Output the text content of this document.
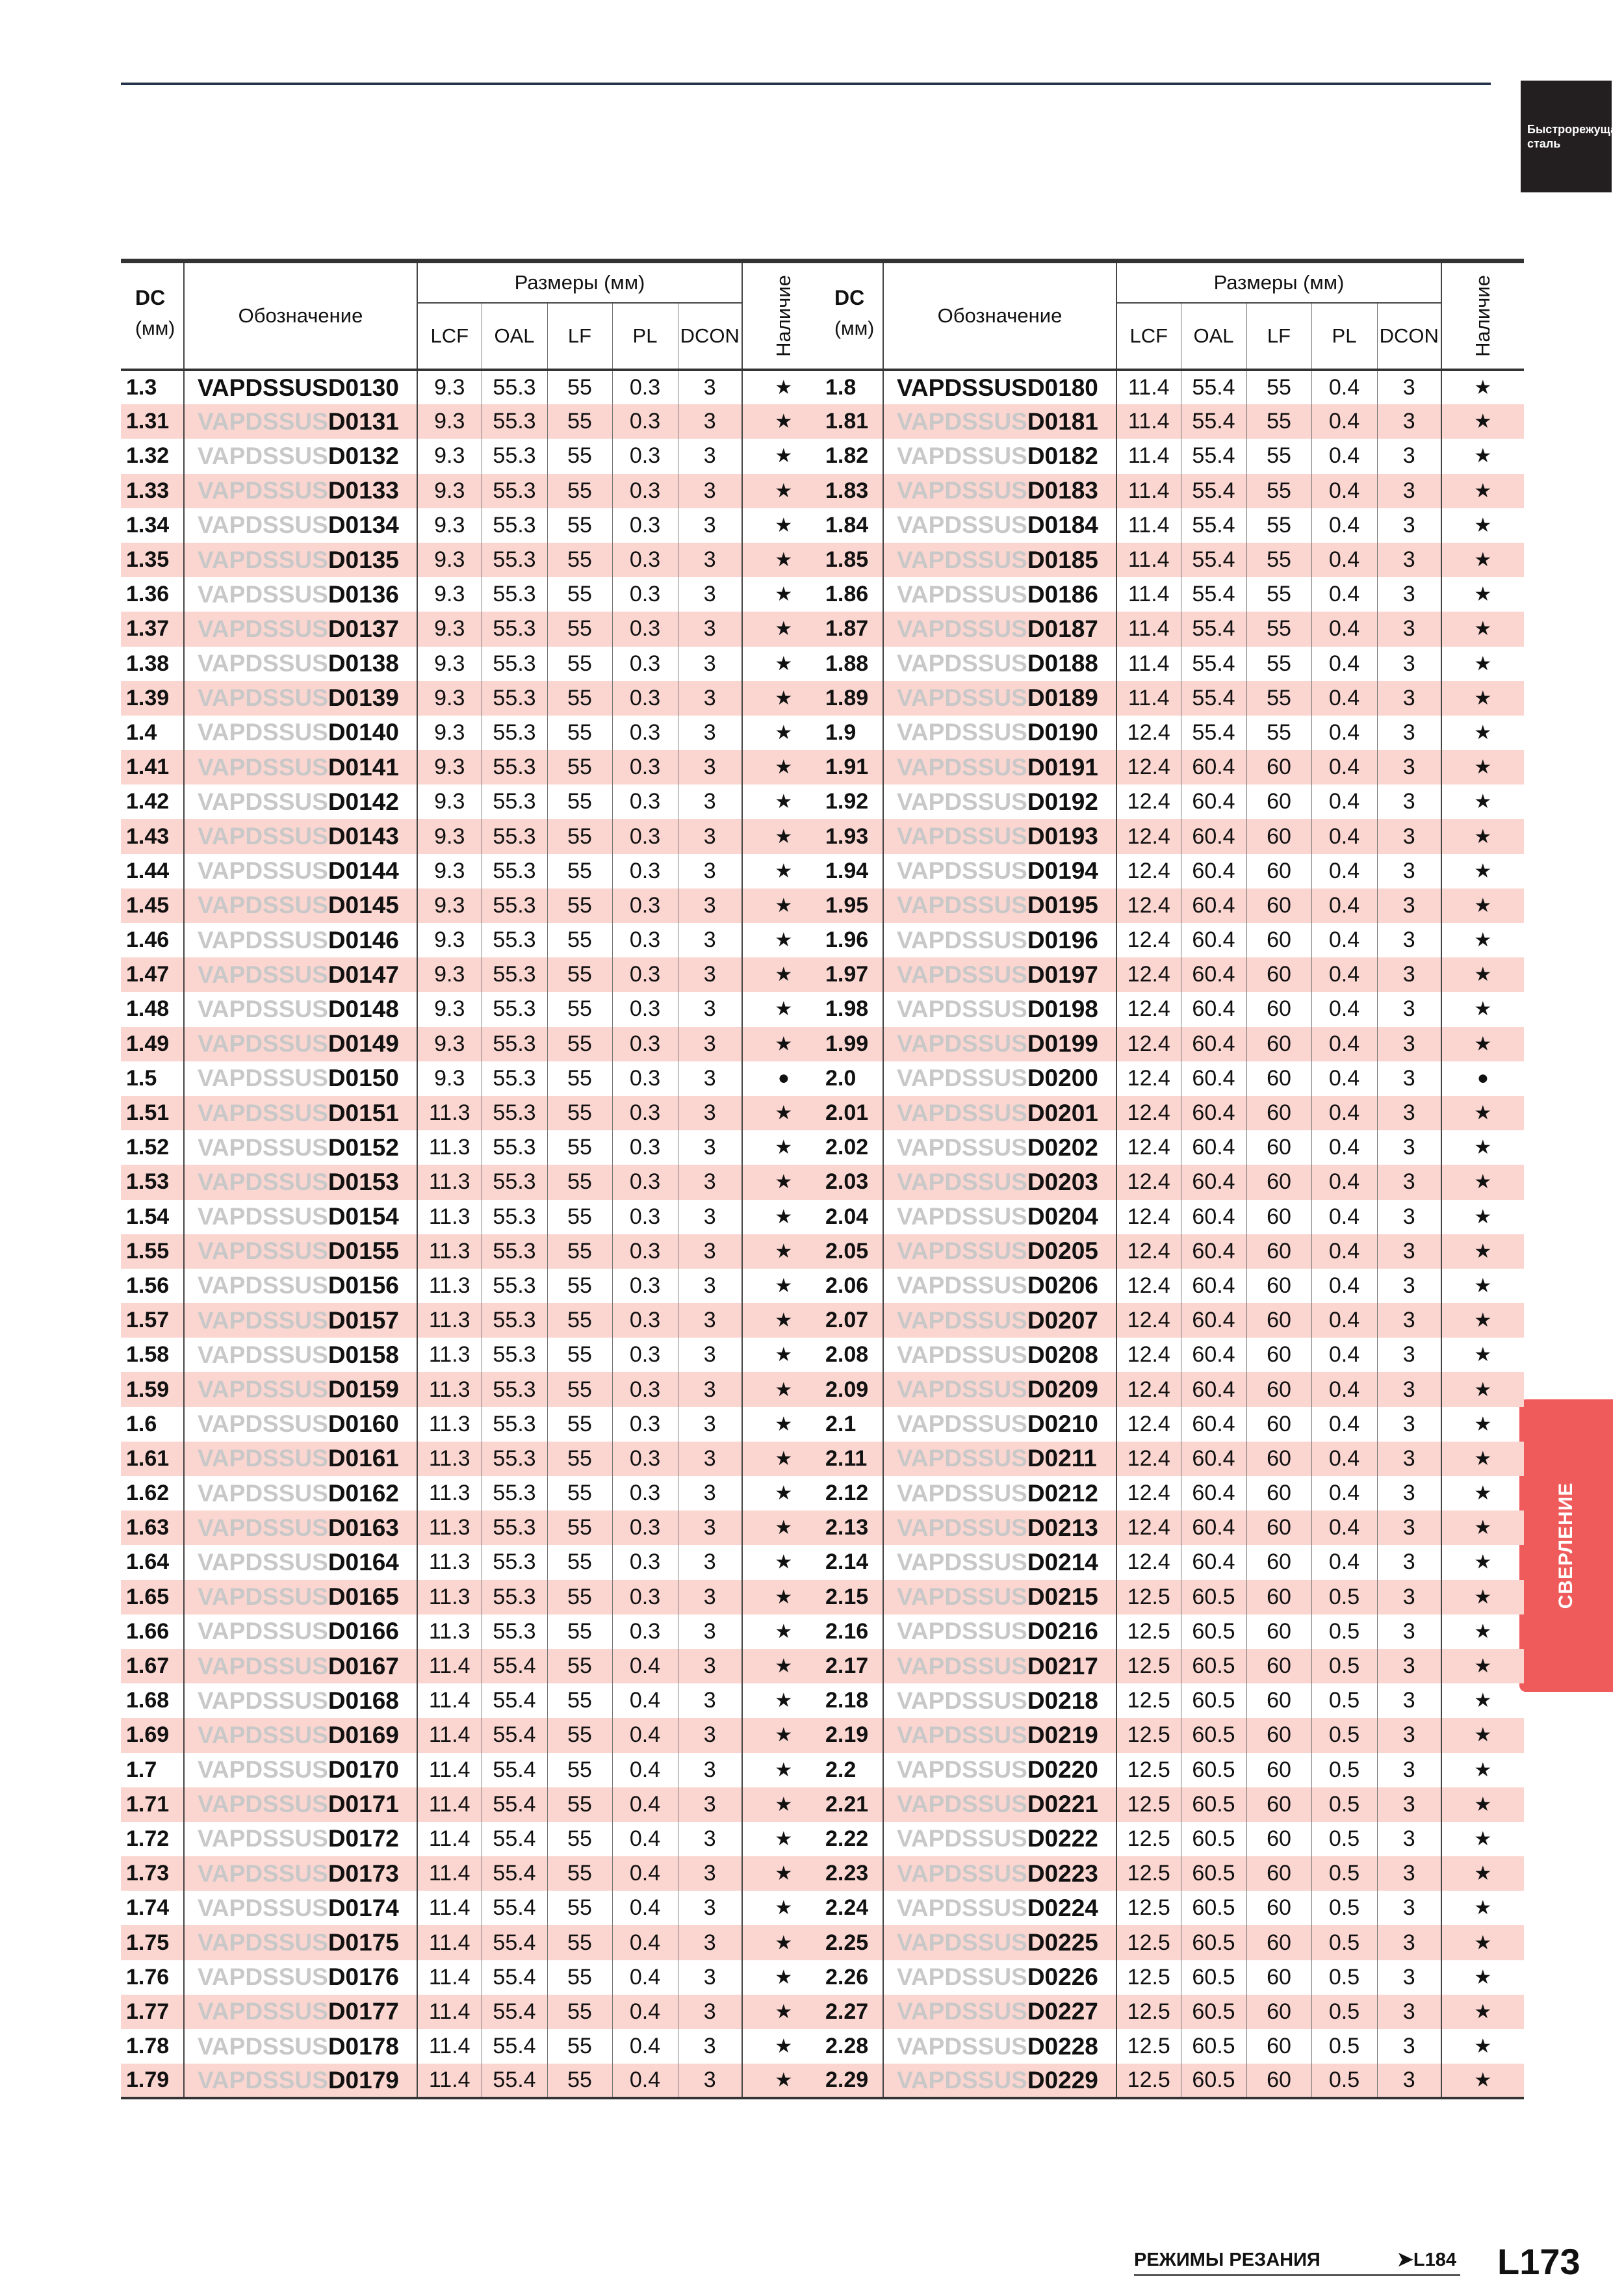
Быстрорежущая сталь
СВЕРЛЕНИЕ
DC
(мм)	Обозначение	Размеры (мм)					Наличие

		LCF	OAL	LF	PL	DCON	
1.3	VAPDSSUSD0130	9.3	55.3	55	0.3	3	★
1.31	VAPDSSUSD0131	9.3	55.3	55	0.3	3	★
1.32	VAPDSSUSD0132	9.3	55.3	55	0.3	3	★
1.33	VAPDSSUSD0133	9.3	55.3	55	0.3	3	★
1.34	VAPDSSUSD0134	9.3	55.3	55	0.3	3	★
1.35	VAPDSSUSD0135	9.3	55.3	55	0.3	3	★
1.36	VAPDSSUSD0136	9.3	55.3	55	0.3	3	★
1.37	VAPDSSUSD0137	9.3	55.3	55	0.3	3	★
1.38	VAPDSSUSD0138	9.3	55.3	55	0.3	3	★
1.39	VAPDSSUSD0139	9.3	55.3	55	0.3	3	★
1.4	VAPDSSUSD0140	9.3	55.3	55	0.3	3	★
1.41	VAPDSSUSD0141	9.3	55.3	55	0.3	3	★
1.42	VAPDSSUSD0142	9.3	55.3	55	0.3	3	★
1.43	VAPDSSUSD0143	9.3	55.3	55	0.3	3	★
1.44	VAPDSSUSD0144	9.3	55.3	55	0.3	3	★
1.45	VAPDSSUSD0145	9.3	55.3	55	0.3	3	★
1.46	VAPDSSUSD0146	9.3	55.3	55	0.3	3	★
1.47	VAPDSSUSD0147	9.3	55.3	55	0.3	3	★
1.48	VAPDSSUSD0148	9.3	55.3	55	0.3	3	★
1.49	VAPDSSUSD0149	9.3	55.3	55	0.3	3	★
1.5	VAPDSSUSD0150	9.3	55.3	55	0.3	3	●
1.51	VAPDSSUSD0151	11.3	55.3	55	0.3	3	★
1.52	VAPDSSUSD0152	11.3	55.3	55	0.3	3	★
1.53	VAPDSSUSD0153	11.3	55.3	55	0.3	3	★
1.54	VAPDSSUSD0154	11.3	55.3	55	0.3	3	★
1.55	VAPDSSUSD0155	11.3	55.3	55	0.3	3	★
1.56	VAPDSSUSD0156	11.3	55.3	55	0.3	3	★
1.57	VAPDSSUSD0157	11.3	55.3	55	0.3	3	★
1.58	VAPDSSUSD0158	11.3	55.3	55	0.3	3	★
1.59	VAPDSSUSD0159	11.3	55.3	55	0.3	3	★
1.6	VAPDSSUSD0160	11.3	55.3	55	0.3	3	★
1.61	VAPDSSUSD0161	11.3	55.3	55	0.3	3	★
1.62	VAPDSSUSD0162	11.3	55.3	55	0.3	3	★
1.63	VAPDSSUSD0163	11.3	55.3	55	0.3	3	★
1.64	VAPDSSUSD0164	11.3	55.3	55	0.3	3	★
1.65	VAPDSSUSD0165	11.3	55.3	55	0.3	3	★
1.66	VAPDSSUSD0166	11.3	55.3	55	0.3	3	★
1.67	VAPDSSUSD0167	11.4	55.4	55	0.4	3	★
1.68	VAPDSSUSD0168	11.4	55.4	55	0.4	3	★
1.69	VAPDSSUSD0169	11.4	55.4	55	0.4	3	★
1.7	VAPDSSUSD0170	11.4	55.4	55	0.4	3	★
1.71	VAPDSSUSD0171	11.4	55.4	55	0.4	3	★
1.72	VAPDSSUSD0172	11.4	55.4	55	0.4	3	★
1.73	VAPDSSUSD0173	11.4	55.4	55	0.4	3	★
1.74	VAPDSSUSD0174	11.4	55.4	55	0.4	3	★
1.75	VAPDSSUSD0175	11.4	55.4	55	0.4	3	★
1.76	VAPDSSUSD0176	11.4	55.4	55	0.4	3	★
1.77	VAPDSSUSD0177	11.4	55.4	55	0.4	3	★
1.78	VAPDSSUSD0178	11.4	55.4	55	0.4	3	★
1.79	VAPDSSUSD0179	11.4	55.4	55	0.4	3	★
DC
(мм)	Обозначение	Размеры (мм)					Наличие

		LCF	OAL	LF	PL	DCON	
1.8	VAPDSSUSD0180	11.4	55.4	55	0.4	3	★
1.81	VAPDSSUSD0181	11.4	55.4	55	0.4	3	★
1.82	VAPDSSUSD0182	11.4	55.4	55	0.4	3	★
1.83	VAPDSSUSD0183	11.4	55.4	55	0.4	3	★
1.84	VAPDSSUSD0184	11.4	55.4	55	0.4	3	★
1.85	VAPDSSUSD0185	11.4	55.4	55	0.4	3	★
1.86	VAPDSSUSD0186	11.4	55.4	55	0.4	3	★
1.87	VAPDSSUSD0187	11.4	55.4	55	0.4	3	★
1.88	VAPDSSUSD0188	11.4	55.4	55	0.4	3	★
1.89	VAPDSSUSD0189	11.4	55.4	55	0.4	3	★
1.9	VAPDSSUSD0190	12.4	55.4	55	0.4	3	★
1.91	VAPDSSUSD0191	12.4	60.4	60	0.4	3	★
1.92	VAPDSSUSD0192	12.4	60.4	60	0.4	3	★
1.93	VAPDSSUSD0193	12.4	60.4	60	0.4	3	★
1.94	VAPDSSUSD0194	12.4	60.4	60	0.4	3	★
1.95	VAPDSSUSD0195	12.4	60.4	60	0.4	3	★
1.96	VAPDSSUSD0196	12.4	60.4	60	0.4	3	★
1.97	VAPDSSUSD0197	12.4	60.4	60	0.4	3	★
1.98	VAPDSSUSD0198	12.4	60.4	60	0.4	3	★
1.99	VAPDSSUSD0199	12.4	60.4	60	0.4	3	★
2.0	VAPDSSUSD0200	12.4	60.4	60	0.4	3	●
2.01	VAPDSSUSD0201	12.4	60.4	60	0.4	3	★
2.02	VAPDSSUSD0202	12.4	60.4	60	0.4	3	★
2.03	VAPDSSUSD0203	12.4	60.4	60	0.4	3	★
2.04	VAPDSSUSD0204	12.4	60.4	60	0.4	3	★
2.05	VAPDSSUSD0205	12.4	60.4	60	0.4	3	★
2.06	VAPDSSUSD0206	12.4	60.4	60	0.4	3	★
2.07	VAPDSSUSD0207	12.4	60.4	60	0.4	3	★
2.08	VAPDSSUSD0208	12.4	60.4	60	0.4	3	★
2.09	VAPDSSUSD0209	12.4	60.4	60	0.4	3	★
2.1	VAPDSSUSD0210	12.4	60.4	60	0.4	3	★
2.11	VAPDSSUSD0211	12.4	60.4	60	0.4	3	★
2.12	VAPDSSUSD0212	12.4	60.4	60	0.4	3	★
2.13	VAPDSSUSD0213	12.4	60.4	60	0.4	3	★
2.14	VAPDSSUSD0214	12.4	60.4	60	0.4	3	★
2.15	VAPDSSUSD0215	12.5	60.5	60	0.5	3	★
2.16	VAPDSSUSD0216	12.5	60.5	60	0.5	3	★
2.17	VAPDSSUSD0217	12.5	60.5	60	0.5	3	★
2.18	VAPDSSUSD0218	12.5	60.5	60	0.5	3	★
2.19	VAPDSSUSD0219	12.5	60.5	60	0.5	3	★
2.2	VAPDSSUSD0220	12.5	60.5	60	0.5	3	★
2.21	VAPDSSUSD0221	12.5	60.5	60	0.5	3	★
2.22	VAPDSSUSD0222	12.5	60.5	60	0.5	3	★
2.23	VAPDSSUSD0223	12.5	60.5	60	0.5	3	★
2.24	VAPDSSUSD0224	12.5	60.5	60	0.5	3	★
2.25	VAPDSSUSD0225	12.5	60.5	60	0.5	3	★
2.26	VAPDSSUSD0226	12.5	60.5	60	0.5	3	★
2.27	VAPDSSUSD0227	12.5	60.5	60	0.5	3	★
2.28	VAPDSSUSD0228	12.5	60.5	60	0.5	3	★
2.29	VAPDSSUSD0229	12.5	60.5	60	0.5	3	★
РЕЖИМЫ РЕЗАНИЯ	➤L184 L173
